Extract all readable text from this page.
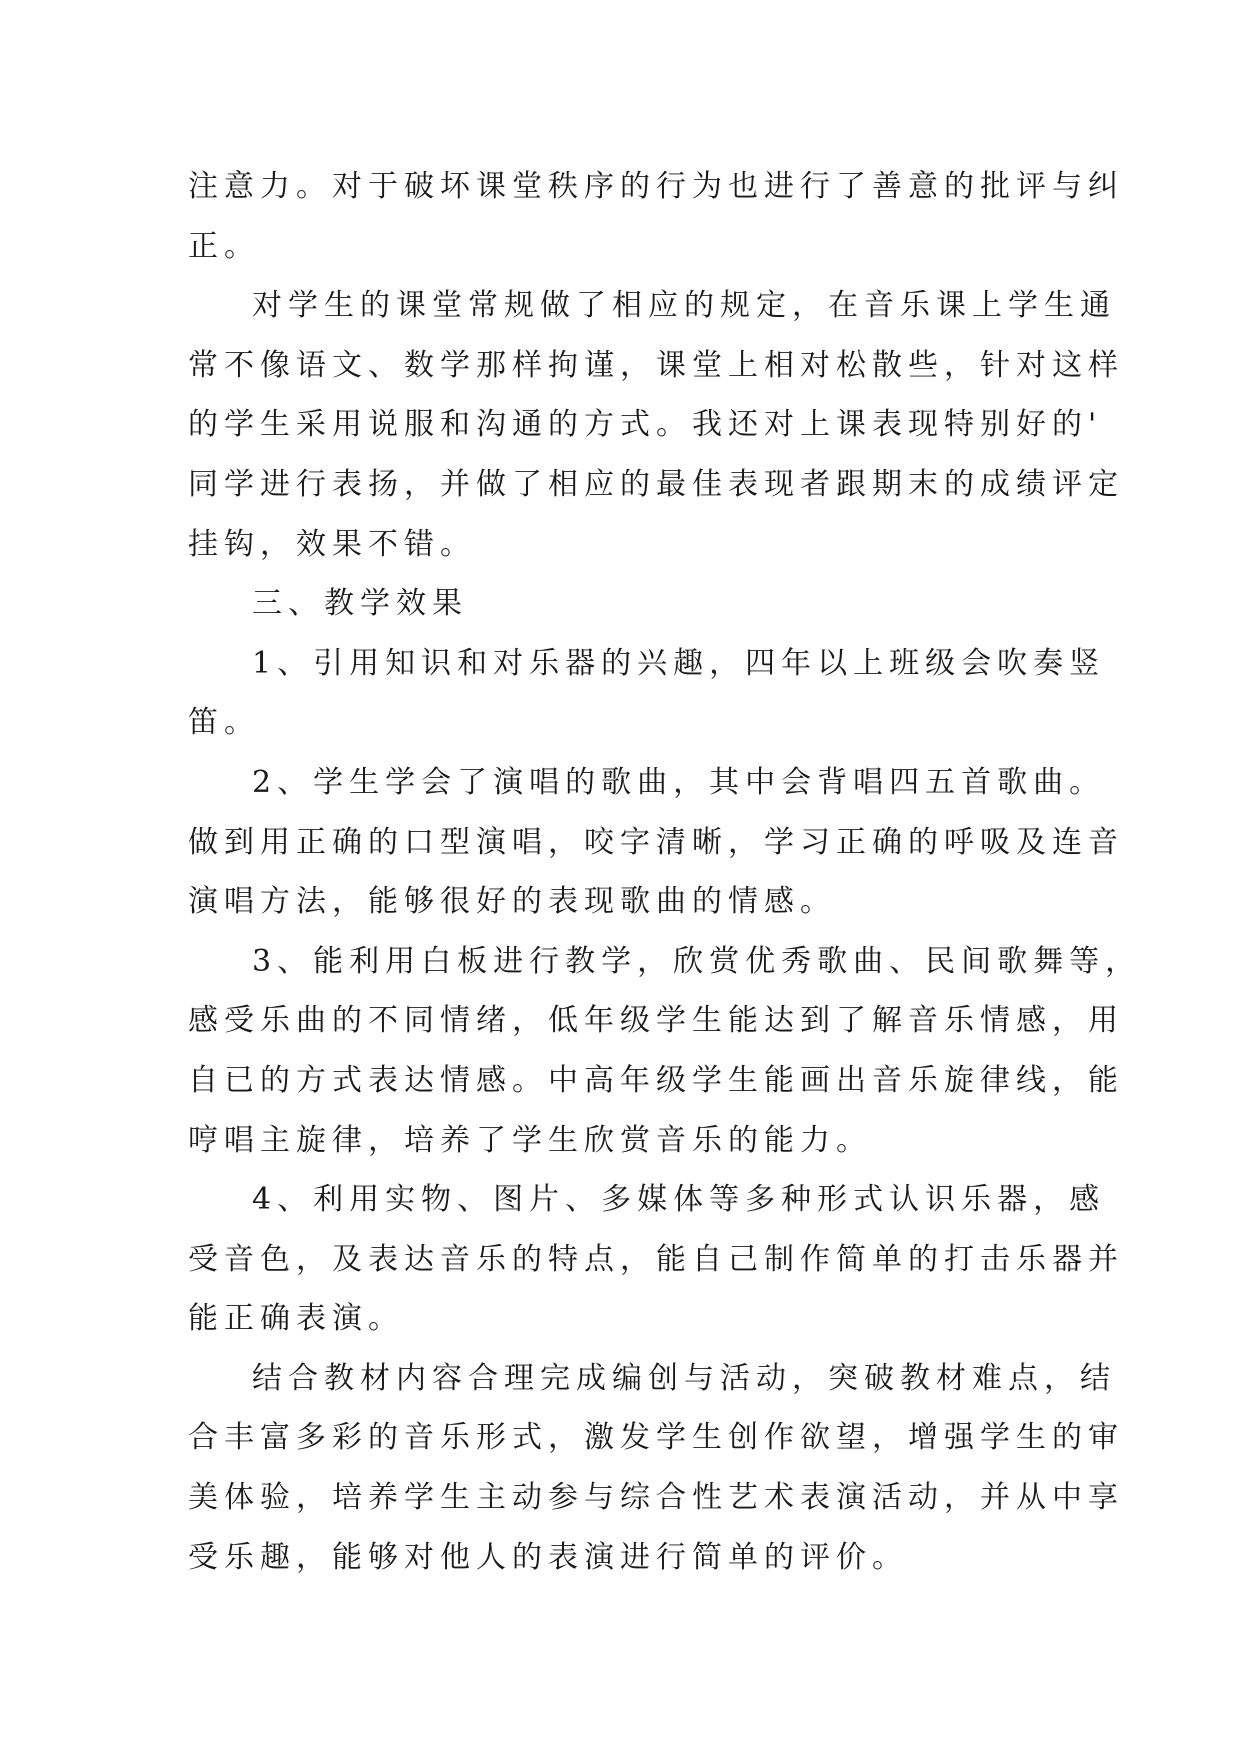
注意力。对于破坏课堂秩序的行为也进行了善意的批评与纠
正。
对学生的课堂常规做了相应的规定，在音乐课上学生通
常不像语文、数学那样拘谨，课堂上相对松散些，针对这样
的学生采用说服和沟通的方式。我还对上课表现特别好的'
同学进行表扬，并做了相应的最佳表现者跟期末的成绩评定
挂钩，效果不错。
三、教学效果
1、引用知识和对乐器的兴趣，四年以上班级会吹奏竖
笛。
2、学生学会了演唱的歌曲，其中会背唱四五首歌曲。
做到用正确的口型演唱，咬字清晰，学习正确的呼吸及连音
演唱方法，能够很好的表现歌曲的情感。
3、能利用白板进行教学，欣赏优秀歌曲、民间歌舞等，
感受乐曲的不同情绪，低年级学生能达到了解音乐情感，用
自已的方式表达情感。中高年级学生能画出音乐旋律线，能
哼唱主旋律，培养了学生欣赏音乐的能力。
4、利用实物、图片、多媒体等多种形式认识乐器，感
受音色，及表达音乐的特点，能自己制作简单的打击乐器并
能正确表演。
结合教材内容合理完成编创与活动，突破教材难点，结
合丰富多彩的音乐形式，激发学生创作欲望，增强学生的审
美体验，培养学生主动参与综合性艺术表演活动，并从中享
受乐趣，能够对他人的表演进行简单的评价。
